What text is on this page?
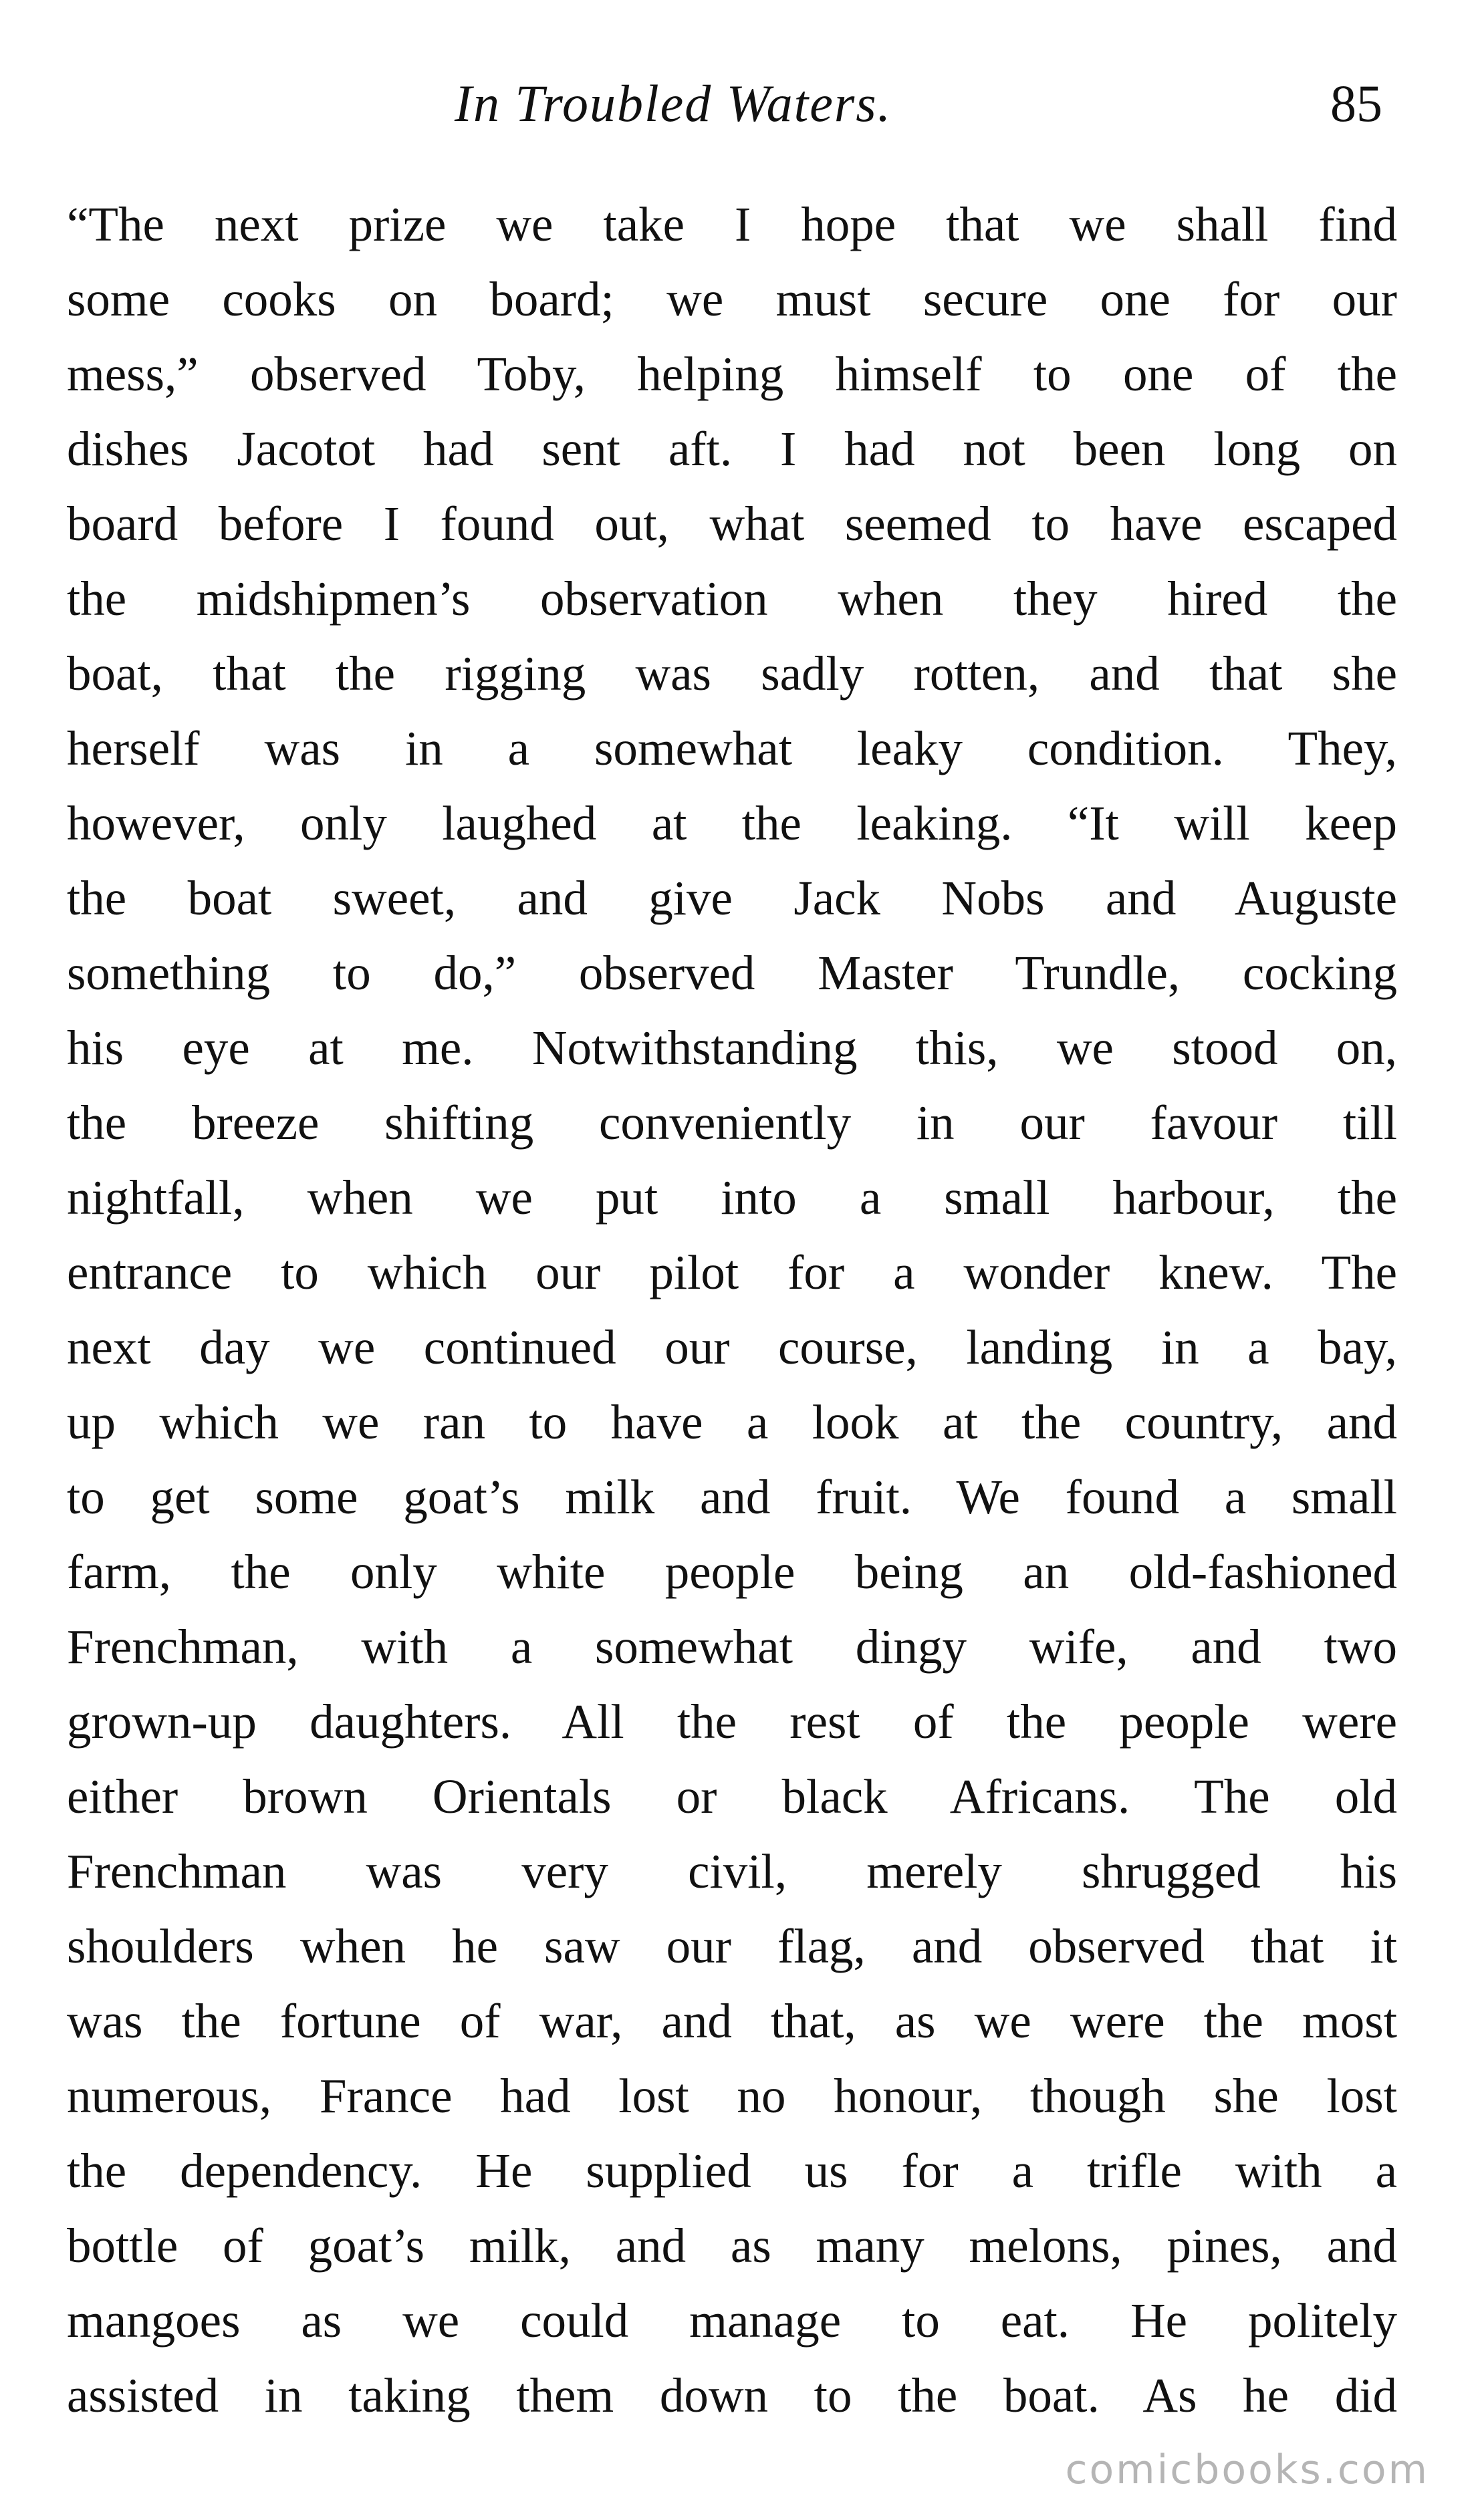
In Troubled Waters.	85
“The next prize we take I hope that we shall find
some cooks on board; we must secure one for our
mess,” observed Toby, helping himself to one of the
dishes Jacotot had sent aft. I had not been long on
board before I found out, what seemed to have escaped
the midshipmen’s observation when they hired the
boat, that the rigging was sadly rotten, and that she
herself was in a somewhat leaky condition. They,
however, only laughed at the leaking. “It will keep
the boat sweet, and give Jack Nobs and Auguste
something to do,” observed Master Trundle, cocking
his eye at me. Notwithstanding this, we stood on,
the breeze shifting conveniently in our favour till
nightfall, when we put into a small harbour, the
entrance to which our pilot for a wonder knew. The
next day we continued our course, landing in a bay,
up which we ran to have a look at the country, and
to get some goat’s milk and fruit. We found a small
farm, the only white people being an old-fashioned
Frenchman, with a somewhat dingy wife, and two
grown-up daughters. All the rest of the people were
either brown Orientals or black Africans. The old
Frenchman was very civil, merely shrugged his
shoulders when he saw our flag, and observed that it
was the fortune of war, and that, as we were the most
numerous, France had lost no honour, though she lost
the dependency. He supplied us for a trifle with a
bottle of goat’s milk, and as many melons, pines, and
mangoes as we could manage to eat. He politely
assisted in taking them down to the boat. As he did
comicbooks.com
